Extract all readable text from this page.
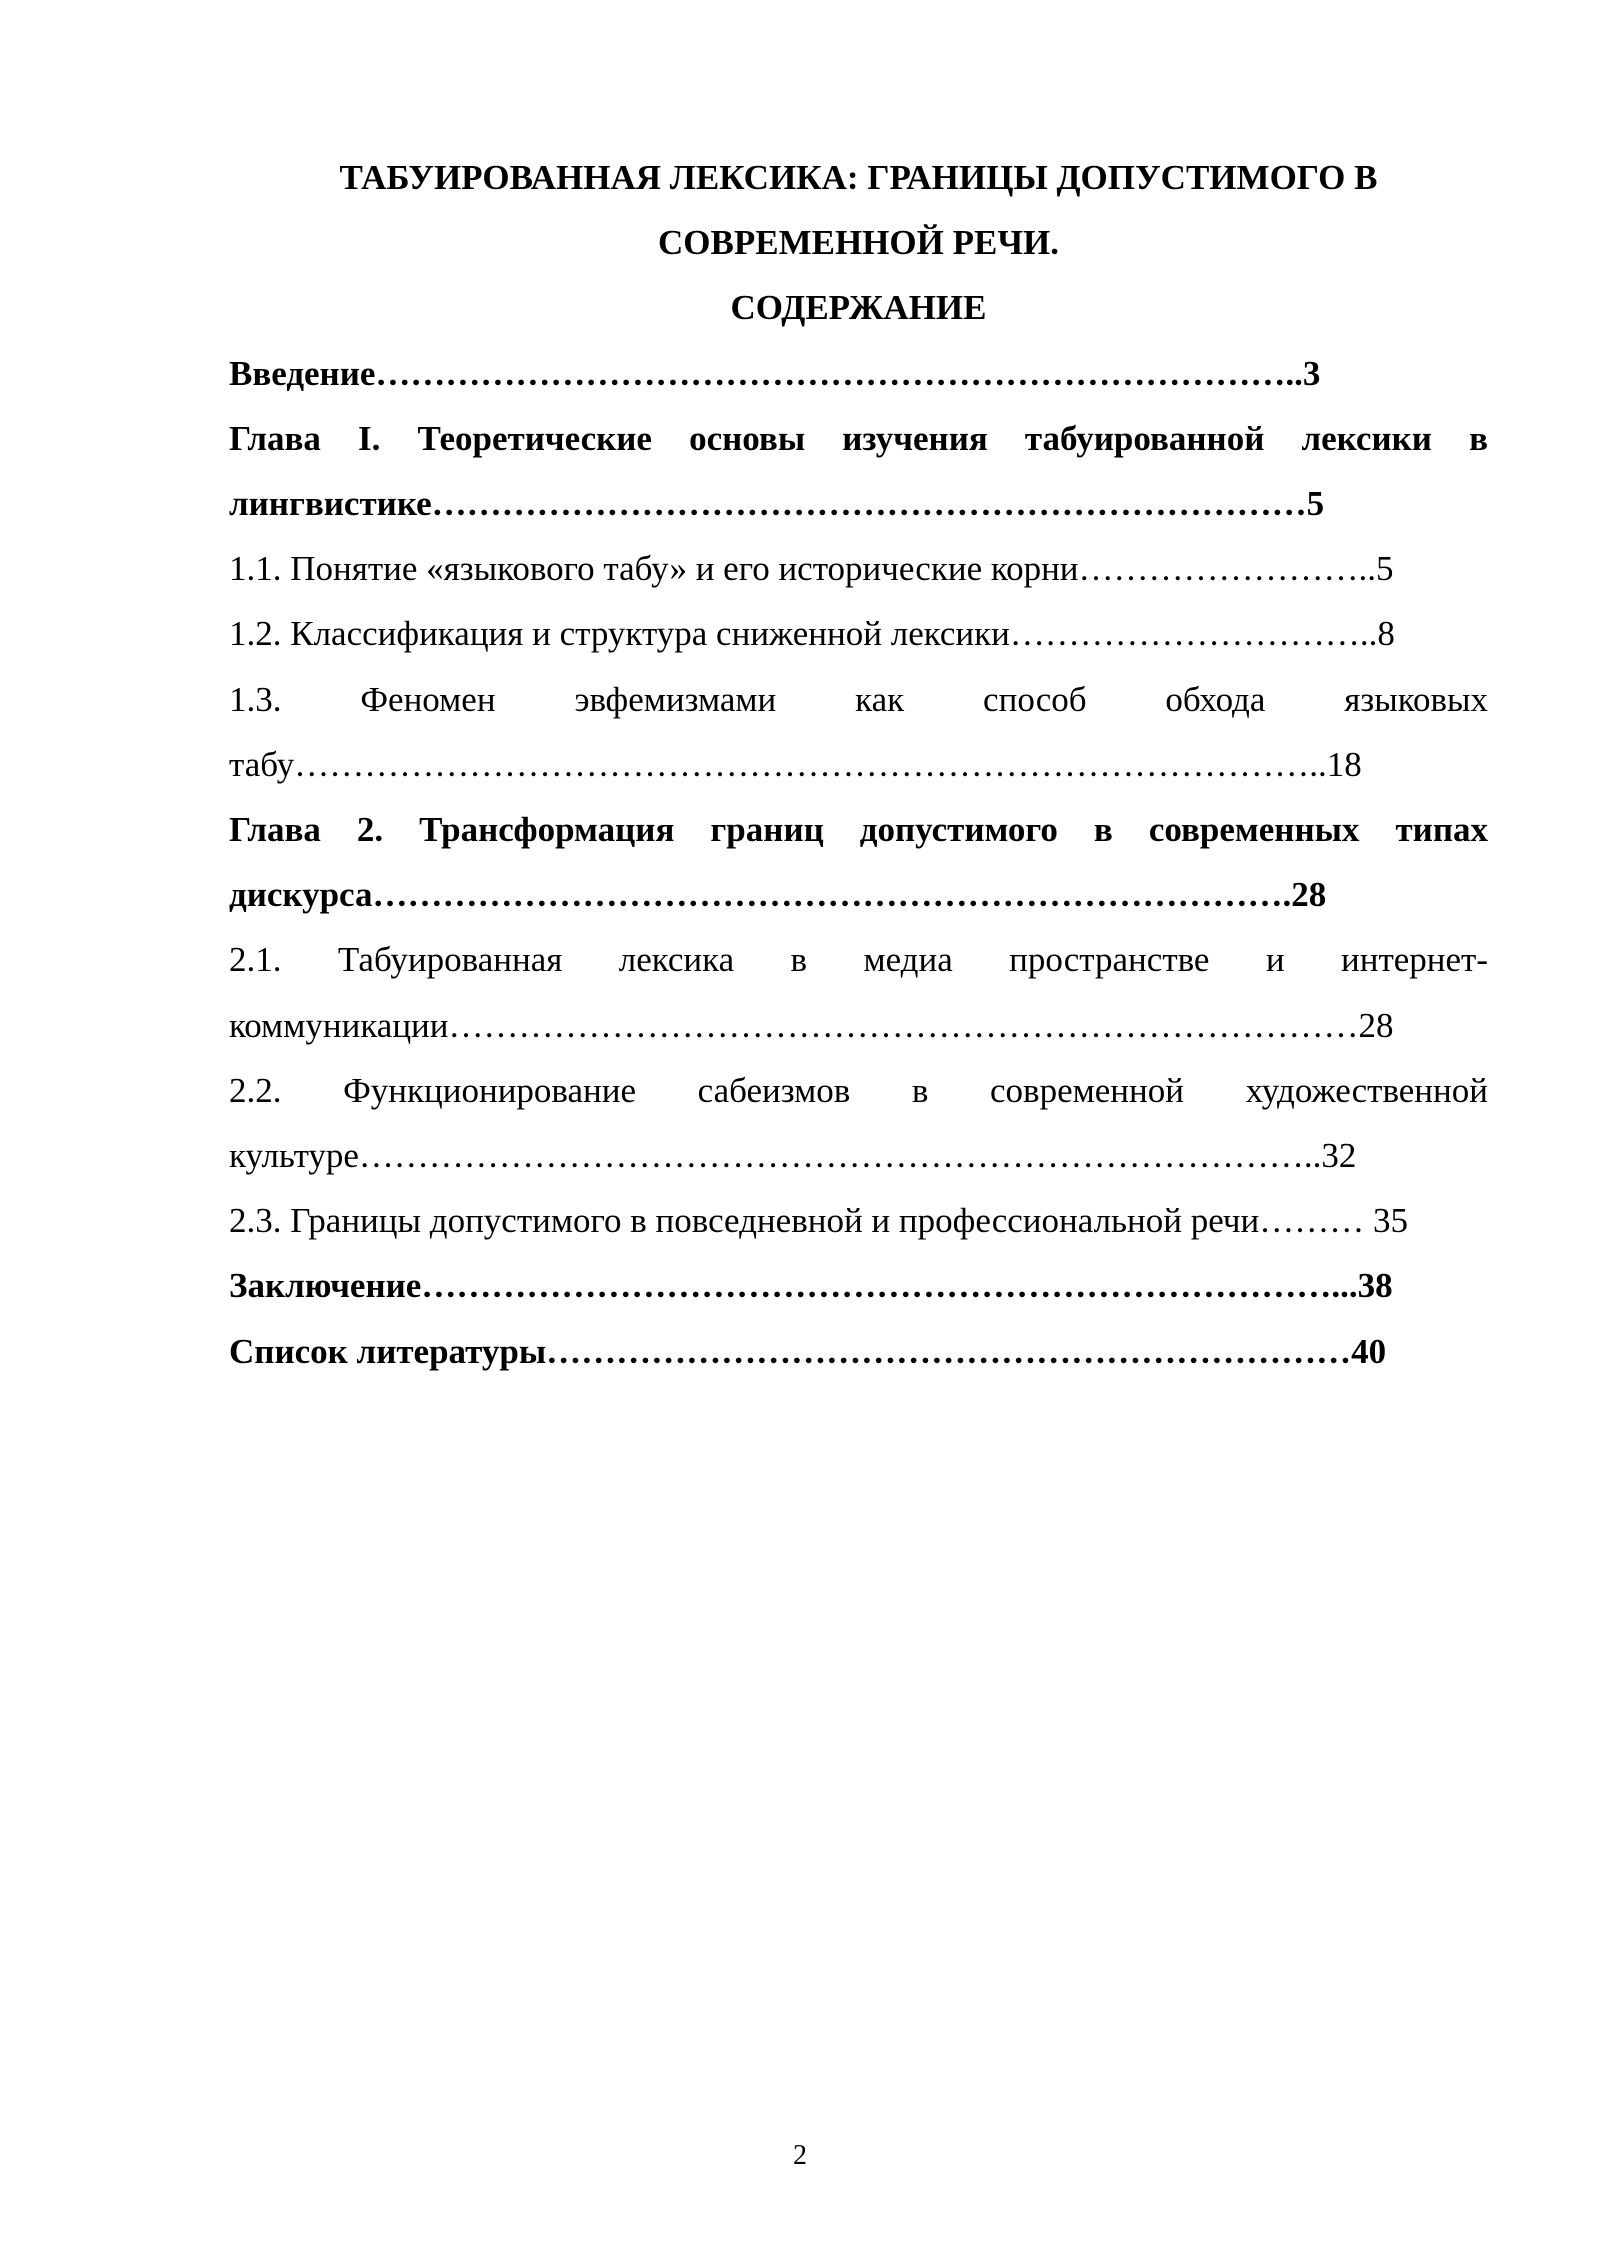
ТАБУИРОВАННАЯ ЛЕКСИКА: ГРАНИЦЫ ДОПУСТИМОГО В СОВРЕМЕННОЙ РЕЧИ.

СОДЕРЖАНИЕ

Введение……………………………………………………………………..3

Глава I. Теоретические основы изучения табуированной лексики в лингвистике…………………………………………………………………5

1.1. Понятие «языкового табу» и его исторические корни……………………..5

1.2. Классификация и структура сниженной лексики…………………………..8

1.3. Феномен эвфемизмами как способ обхода языковых табу……………………………………………………………………………..18

Глава 2. Трансформация границ допустимого в современных типах дискурса…………………………………………………………………….28

2.1. Табуированная лексика в медиа пространстве и интернет-коммуникации……………………………………………………………………28

2.2. Функционирование сабеизмов в современной художественной культуре………………………………………………………………………..32

2.3. Границы допустимого в повседневной и профессиональной речи……… 35

Заключение……………………………………………………………………...38

Список литературы……………………………………………………………40

2
